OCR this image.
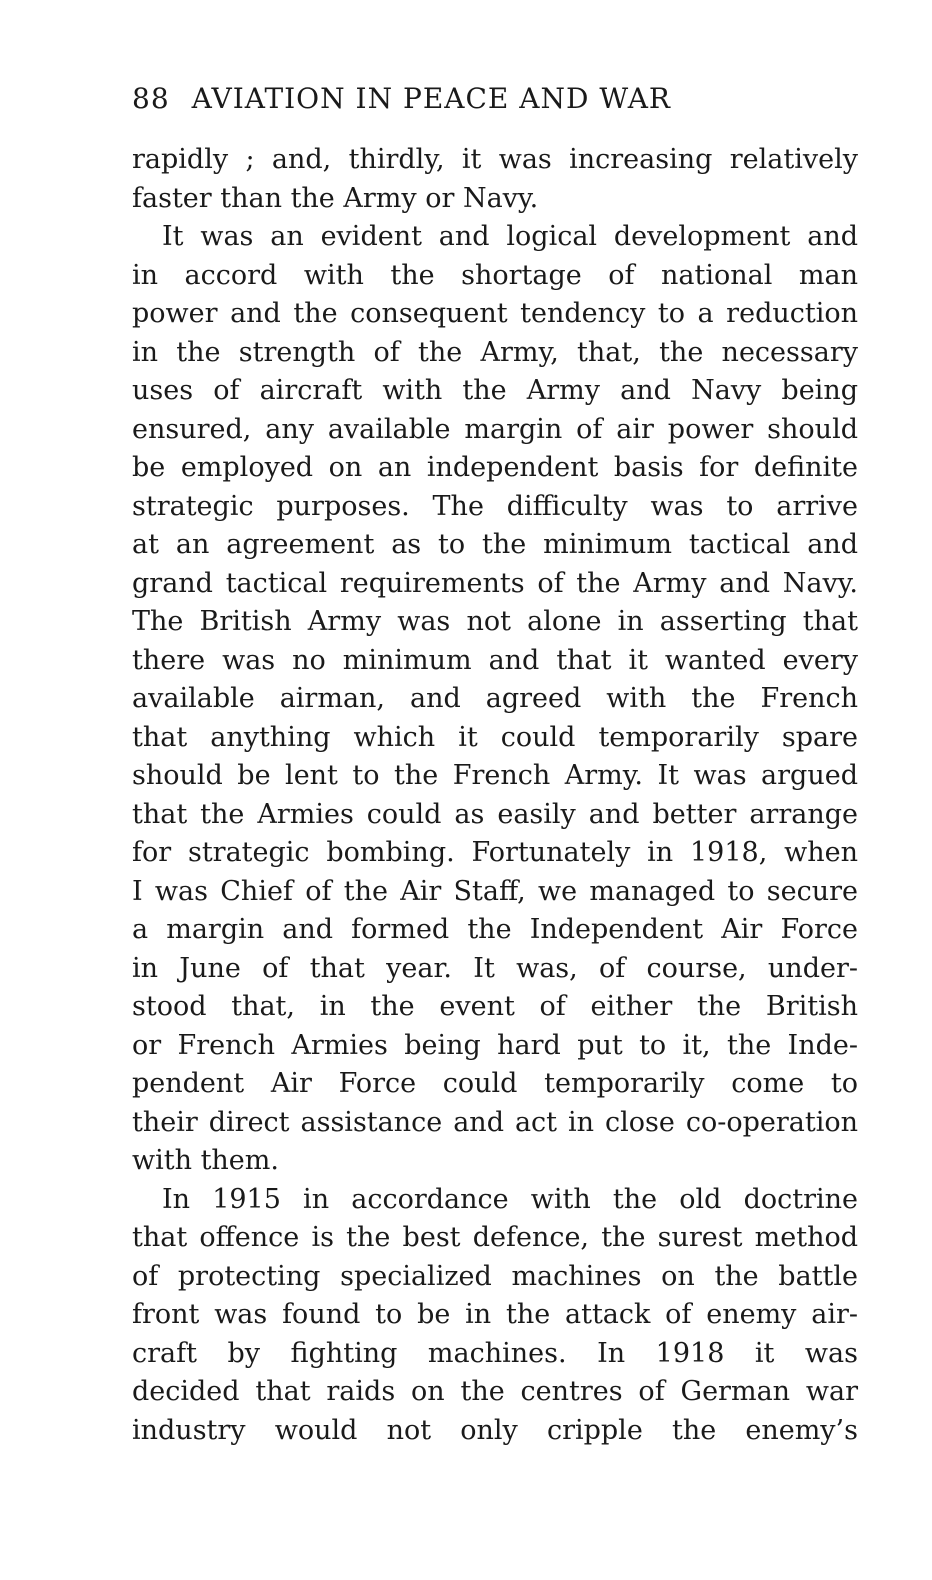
88 AVIATION IN PEACE AND WAR
rapidly ; and, thirdly, it was increasing relatively
faster than the Army or Navy.
It was an evident and logical development and
in accord with the shortage of national man
power and the consequent tendency to a reduction
in the strength of the Army, that, the necessary
uses of aircraft with the Army and Navy being
ensured, any available margin of air power should
be employed on an independent basis for definite
strategic purposes. The difficulty was to arrive
at an agreement as to the minimum tactical and
grand tactical requirements of the Army and Navy.
The British Army was not alone in asserting that
there was no minimum and that it wanted every
available airman, and agreed with the French
that anything which it could temporarily spare
should be lent to the French Army. It was argued
that the Armies could as easily and better arrange
for strategic bombing. Fortunately in 1918, when
I was Chief of the Air Staff, we managed to secure
a margin and formed the Independent Air Force
in June of that year. It was, of course, under-
stood that, in the event of either the British
or French Armies being hard put to it, the Inde-
pendent Air Force could temporarily come to
their direct assistance and act in close co-operation
with them.
In 1915 in accordance with the old doctrine
that offence is the best defence, the surest method
of protecting specialized machines on the battle
front was found to be in the attack of enemy air-
craft by fighting machines. In 1918 it was
decided that raids on the centres of German war
industry would not only cripple the enemy’s
